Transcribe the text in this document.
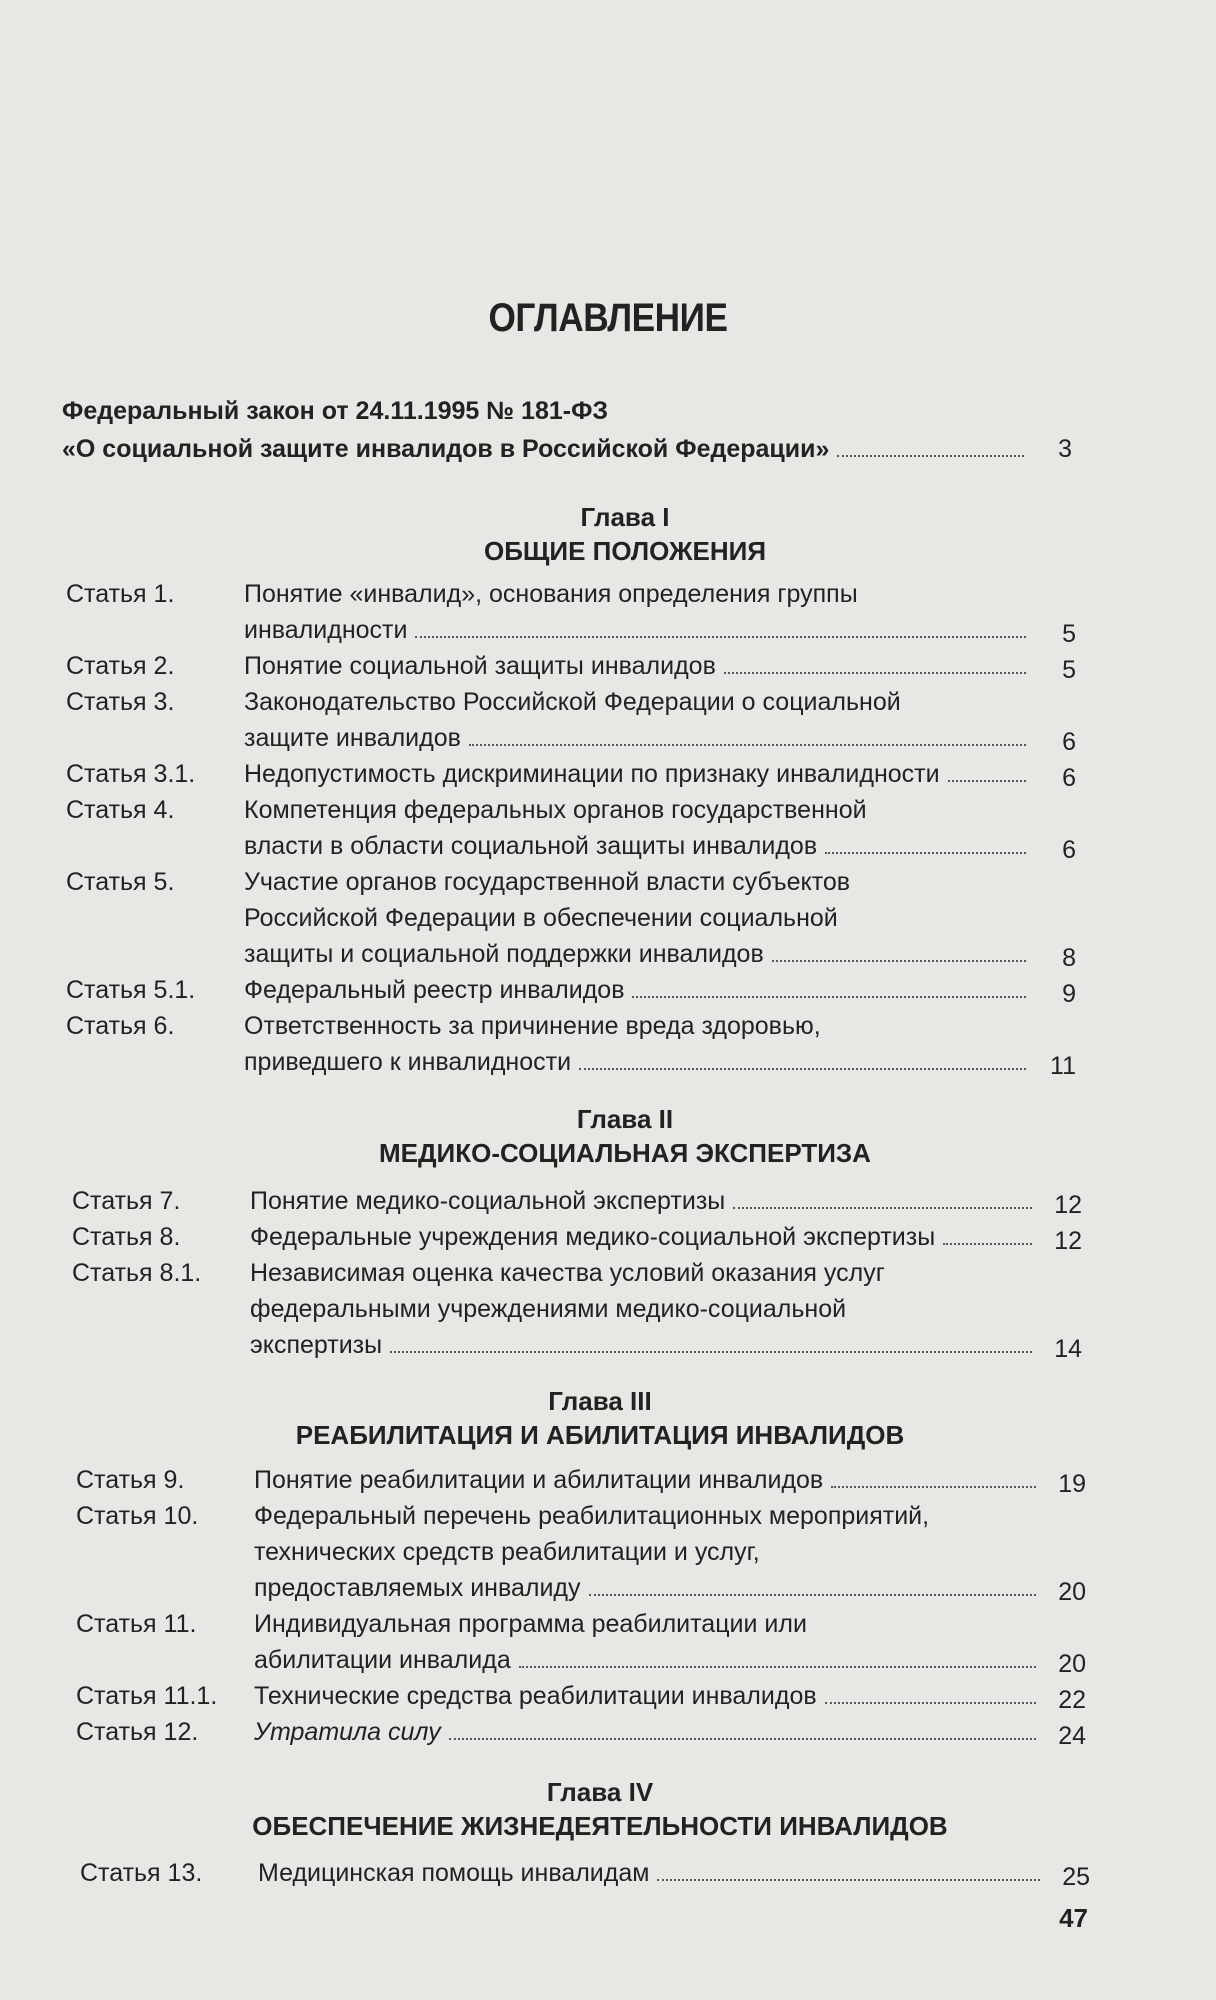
ОГЛАВЛЕНИЕ
Федеральный закон от 24.11.1995 № 181-ФЗ
«О социальной защите инвалидов в Российской Федерации»	3
Глава I
ОБЩИЕ ПОЛОЖЕНИЯ
Статья 1.	Понятие «инвалид», основания определения группы
инвалидности	5
Статья 2.	Понятие социальной защиты инвалидов	5
Статья 3.	Законодательство Российской Федерации о социальной
защите инвалидов	6
Статья 3.1.	Недопустимость дискриминации по признаку инвалидности	6
Статья 4.	Компетенция федеральных органов государственной
власти в области социальной защиты инвалидов	6
Статья 5.	Участие органов государственной власти субъектов
Российской Федерации в обеспечении социальной
защиты и социальной поддержки инвалидов	8
Статья 5.1.	Федеральный реестр инвалидов	9
Статья 6.	Ответственность за причинение вреда здоровью,
приведшего к инвалидности	11
Глава II
МЕДИКО-СОЦИАЛЬНАЯ ЭКСПЕРТИЗА
Статья 7.	Понятие медико-социальной экспертизы	12
Статья 8.	Федеральные учреждения медико-социальной экспертизы	12
Статья 8.1.	Независимая оценка качества условий оказания услуг
федеральными учреждениями медико-социальной
экспертизы	14
Глава III
РЕАБИЛИТАЦИЯ И АБИЛИТАЦИЯ ИНВАЛИДОВ
Статья 9.	Понятие реабилитации и абилитации инвалидов	19
Статья 10.	Федеральный перечень реабилитационных мероприятий,
технических средств реабилитации и услуг,
предоставляемых инвалиду	20
Статья 11.	Индивидуальная программа реабилитации или
абилитации инвалида	20
Статья 11.1.	Технические средства реабилитации инвалидов	22
Статья 12.	Утратила силу	24
Глава IV
ОБЕСПЕЧЕНИЕ ЖИЗНЕДЕЯТЕЛЬНОСТИ ИНВАЛИДОВ
Статья 13.	Медицинская помощь инвалидам	25
47
